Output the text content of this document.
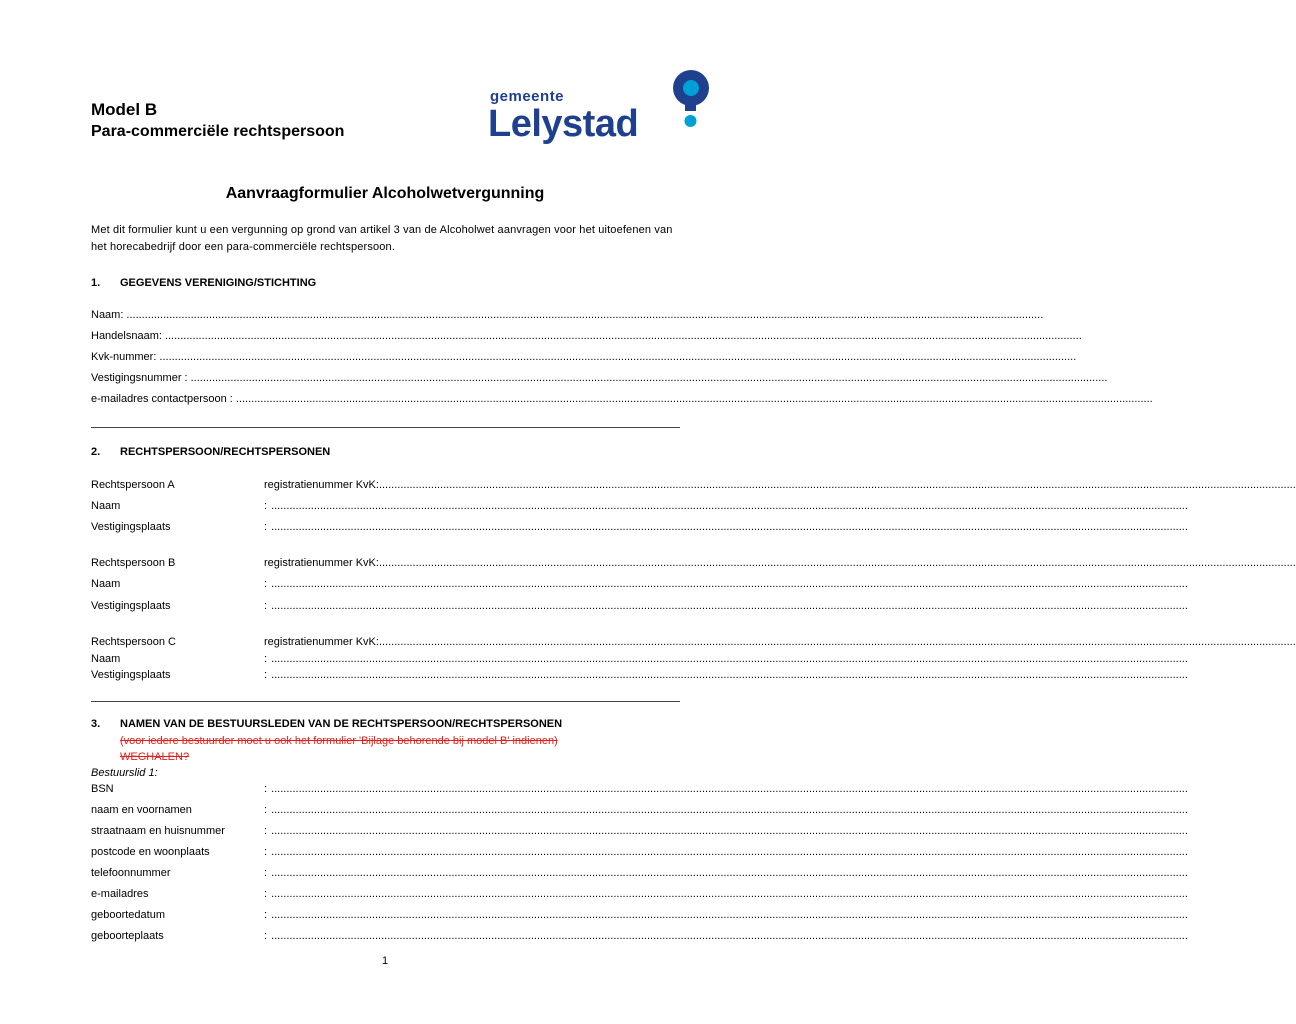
Model B
Para-commerciële rechtspersoon
gemeente
Lelystad
Aanvraagformulier Alcoholwetvergunning
Met dit formulier kunt u een vergunning op grond van artikel 3 van de Alcoholwet aanvragen voor het uitoefenen van het horecabedrijf door een para-commerciële rechtspersoon.
1. GEGEVENS VERENIGING/STICHTING
2. RECHTSPERSOON/RECHTSPERSONEN
3. NAMEN VAN DE BESTUURSLEDEN VAN DE RECHTSPERSOON/RECHTSPERSONEN
(voor iedere bestuurder moet u ook het formulier 'Bijlage behorende bij model B' indienen)
WEGHALEN?
Bestuurslid 1:
1
Naam: ............................................................................................................................................................................................................................................................................................................
Handelsnaam: ............................................................................................................................................................................................................................................................................................................
Kvk-nummer: ............................................................................................................................................................................................................................................................................................................
Vestigingsnummer : ............................................................................................................................................................................................................................................................................................................
e-mailadres contactpersoon : ............................................................................................................................................................................................................................................................................................................
Rechtspersoon A	registratienummer KvK: ............................................................................................................................................................................................................................................................................................................
Naam	: ............................................................................................................................................................................................................................................................................................................
Vestigingsplaats	: ............................................................................................................................................................................................................................................................................................................
Rechtspersoon B	registratienummer KvK: ............................................................................................................................................................................................................................................................................................................
Naam	: ............................................................................................................................................................................................................................................................................................................
Vestigingsplaats	: ............................................................................................................................................................................................................................................................................................................
Rechtspersoon C	registratienummer KvK: ............................................................................................................................................................................................................................................................................................................
Naam	: ............................................................................................................................................................................................................................................................................................................
Vestigingsplaats	: ............................................................................................................................................................................................................................................................................................................
BSN	: ............................................................................................................................................................................................................................................................................................................
naam en voornamen	: ............................................................................................................................................................................................................................................................................................................
straatnaam en huisnummer	: ............................................................................................................................................................................................................................................................................................................
postcode en woonplaats	: ............................................................................................................................................................................................................................................................................................................
telefoonnummer	: ............................................................................................................................................................................................................................................................................................................
e-mailadres	: ............................................................................................................................................................................................................................................................................................................
geboortedatum	: ............................................................................................................................................................................................................................................................................................................
geboorteplaats	: ............................................................................................................................................................................................................................................................................................................
